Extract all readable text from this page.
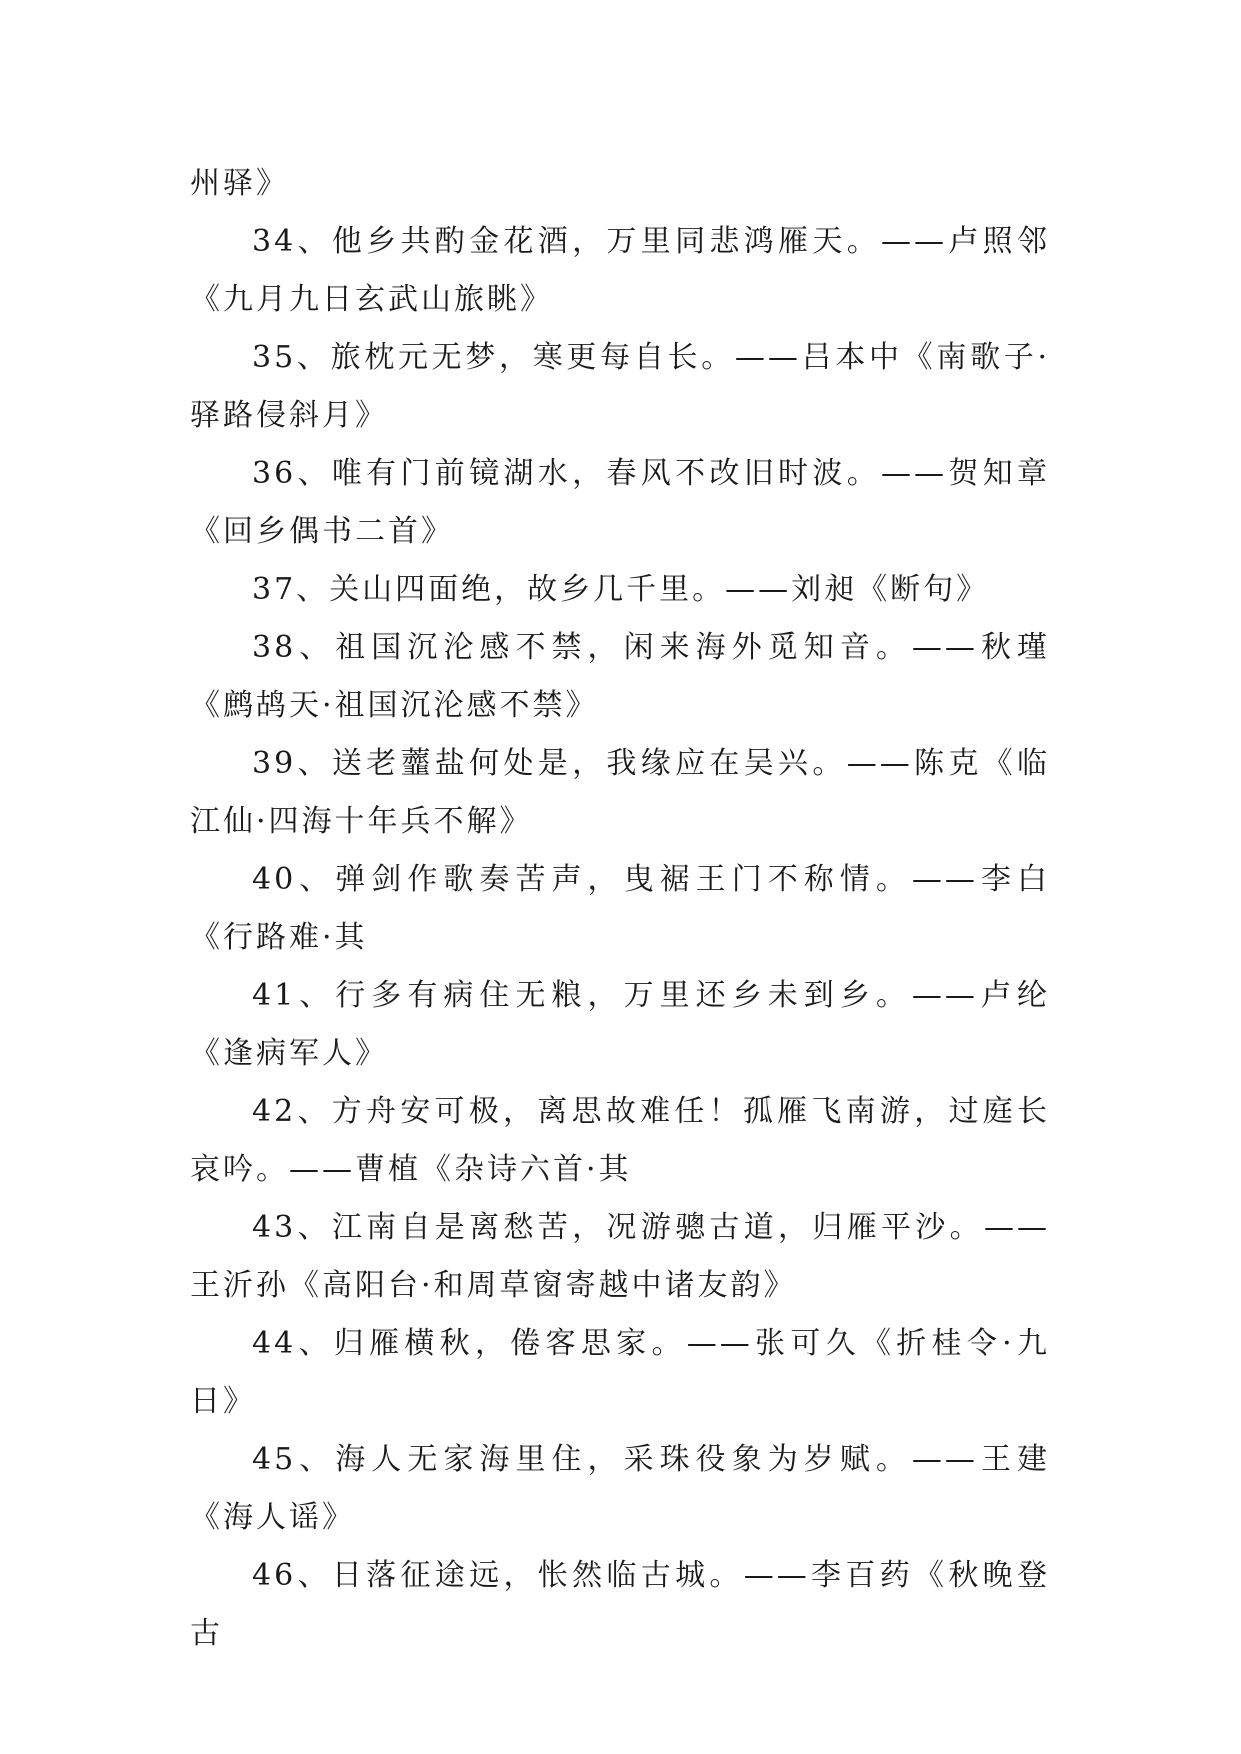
州驿》

34、他乡共酌金花酒，万里同悲鸿雁天。——卢照邻《九月九日玄武山旅眺》

35、旅枕元无梦，寒更每自长。——吕本中《南歌子·驿路侵斜月》

36、唯有门前镜湖水，春风不改旧时波。——贺知章《回乡偶书二首》

37、关山四面绝，故乡几千里。——刘昶《断句》

38、祖国沉沦感不禁，闲来海外觅知音。——秋瑾《鹧鸪天·祖国沉沦感不禁》

39、送老虀盐何处是，我缘应在吴兴。——陈克《临江仙·四海十年兵不解》

40、弹剑作歌奏苦声，曳裾王门不称情。——李白《行路难·其

41、行多有病住无粮，万里还乡未到乡。——卢纶《逢病军人》

42、方舟安可极，离思故难任！孤雁飞南游，过庭长哀吟。——曹植《杂诗六首·其

43、江南自是离愁苦，况游骢古道，归雁平沙。——王沂孙《高阳台·和周草窗寄越中诸友韵》

44、归雁横秋，倦客思家。——张可久《折桂令·九日》

45、海人无家海里住，采珠役象为岁赋。——王建《海人谣》

46、日落征途远，怅然临古城。——李百药《秋晚登古
